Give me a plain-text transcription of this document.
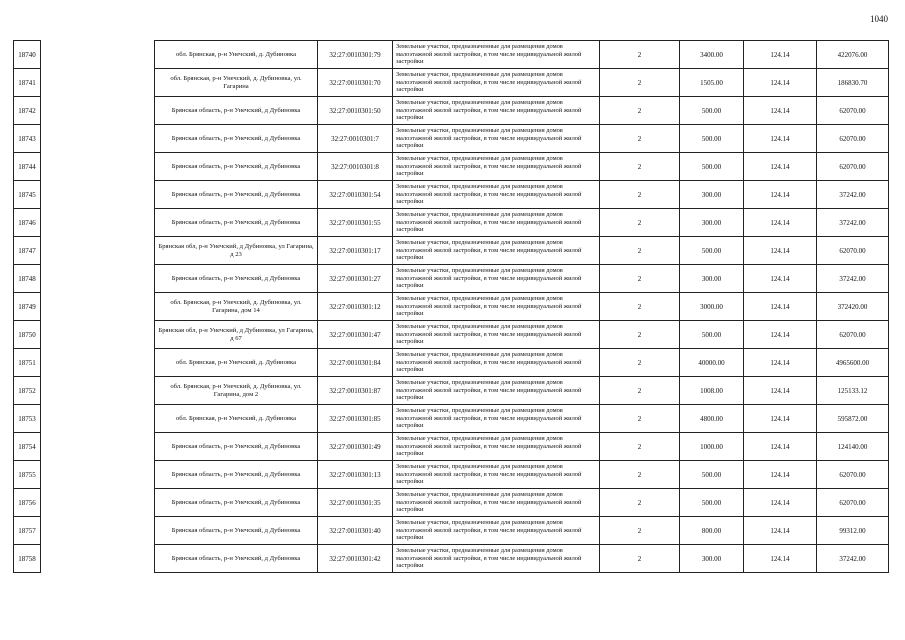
1040
18740		обл. Брянская, р-н Унечский, д. Дубиновка	32:27:0010301:79	Земельные участки, предназначенные для размещения домов малоэтажной жилой застройки, в том числе индивидуальной жилой застройки	2	3400.00	124.14	422076.00
18741		обл. Брянская, р-н Унечский, д. Дубиновка, ул. Гагарина	32:27:0010301:70	Земельные участки, предназначенные для размещения домов малоэтажной жилой застройки, в том числе индивидуальной жилой застройки	2	1505.00	124.14	186830.70
18742		Брянская область, р-н Унечский, д Дубиновка	32:27:0010301:50	Земельные участки, предназначенные для размещения домов малоэтажной жилой застройки, в том числе индивидуальной жилой застройки	2	500.00	124.14	62070.00
18743		Брянская область, р-н Унечский, д Дубиновка	32:27:0010301:7	Земельные участки, предназначенные для размещения домов малоэтажной жилой застройки, в том числе индивидуальной жилой застройки	2	500.00	124.14	62070.00
18744		Брянская область, р-н Унечский, д Дубиновка	32:27:0010301:8	Земельные участки, предназначенные для размещения домов малоэтажной жилой застройки, в том числе индивидуальной жилой застройки	2	500.00	124.14	62070.00
18745		Брянская область, р-н Унечский, д Дубиновка	32:27:0010301:54	Земельные участки, предназначенные для размещения домов малоэтажной жилой застройки, в том числе индивидуальной жилой застройки	2	300.00	124.14	37242.00
18746		Брянская область, р-н Унечский, д Дубиновка	32:27:0010301:55	Земельные участки, предназначенные для размещения домов малоэтажной жилой застройки, в том числе индивидуальной жилой застройки	2	300.00	124.14	37242.00
18747		Брянская обл, р-н Унечский, д Дубиновка, ул Гагарина, д 23	32:27:0010301:17	Земельные участки, предназначенные для размещения домов малоэтажной жилой застройки, в том числе индивидуальной жилой застройки	2	500.00	124.14	62070.00
18748		Брянская область, р-н Унечский, д Дубиновка	32:27:0010301:27	Земельные участки, предназначенные для размещения домов малоэтажной жилой застройки, в том числе индивидуальной жилой застройки	2	300.00	124.14	37242.00
18749		обл. Брянская, р-н Унечский, д. Дубиновка, ул. Гагарина, дом 14	32:27:0010301:12	Земельные участки, предназначенные для размещения домов малоэтажной жилой застройки, в том числе индивидуальной жилой застройки	2	3000.00	124.14	372420.00
18750		Брянская обл, р-н Унечский, д Дубиновка, ул Гагарина, д 67	32:27:0010301:47	Земельные участки, предназначенные для размещения домов малоэтажной жилой застройки, в том числе индивидуальной жилой застройки	2	500.00	124.14	62070.00
18751		обл. Брянская, р-н Унечский, д. Дубиновка	32:27:0010301:84	Земельные участки, предназначенные для размещения домов малоэтажной жилой застройки, в том числе индивидуальной жилой застройки	2	40000.00	124.14	4965600.00
18752		обл. Брянская, р-н Унечский, д. Дубиновка, ул. Гагарина, дом 2	32:27:0010301:87	Земельные участки, предназначенные для размещения домов малоэтажной жилой застройки, в том числе индивидуальной жилой застройки	2	1008.00	124.14	125133.12
18753		обл. Брянская, р-н Унечский, д. Дубиновка	32:27:0010301:85	Земельные участки, предназначенные для размещения домов малоэтажной жилой застройки, в том числе индивидуальной жилой застройки	2	4800.00	124.14	595872.00
18754		Брянская область, р-н Унечский, д Дубиновка	32:27:0010301:49	Земельные участки, предназначенные для размещения домов малоэтажной жилой застройки, в том числе индивидуальной жилой застройки	2	1000.00	124.14	124140.00
18755		Брянская область, р-н Унечский, д Дубиновка	32:27:0010301:13	Земельные участки, предназначенные для размещения домов малоэтажной жилой застройки, в том числе индивидуальной жилой застройки	2	500.00	124.14	62070.00
18756		Брянская область, р-н Унечский, д Дубиновка	32:27:0010301:35	Земельные участки, предназначенные для размещения домов малоэтажной жилой застройки, в том числе индивидуальной жилой застройки	2	500.00	124.14	62070.00
18757		Брянская область, р-н Унечский, д Дубиновка	32:27:0010301:40	Земельные участки, предназначенные для размещения домов малоэтажной жилой застройки, в том числе индивидуальной жилой застройки	2	800.00	124.14	99312.00
18758		Брянская область, р-н Унечский, д Дубиновка	32:27:0010301:42	Земельные участки, предназначенные для размещения домов малоэтажной жилой застройки, в том числе индивидуальной жилой застройки	2	300.00	124.14	37242.00
